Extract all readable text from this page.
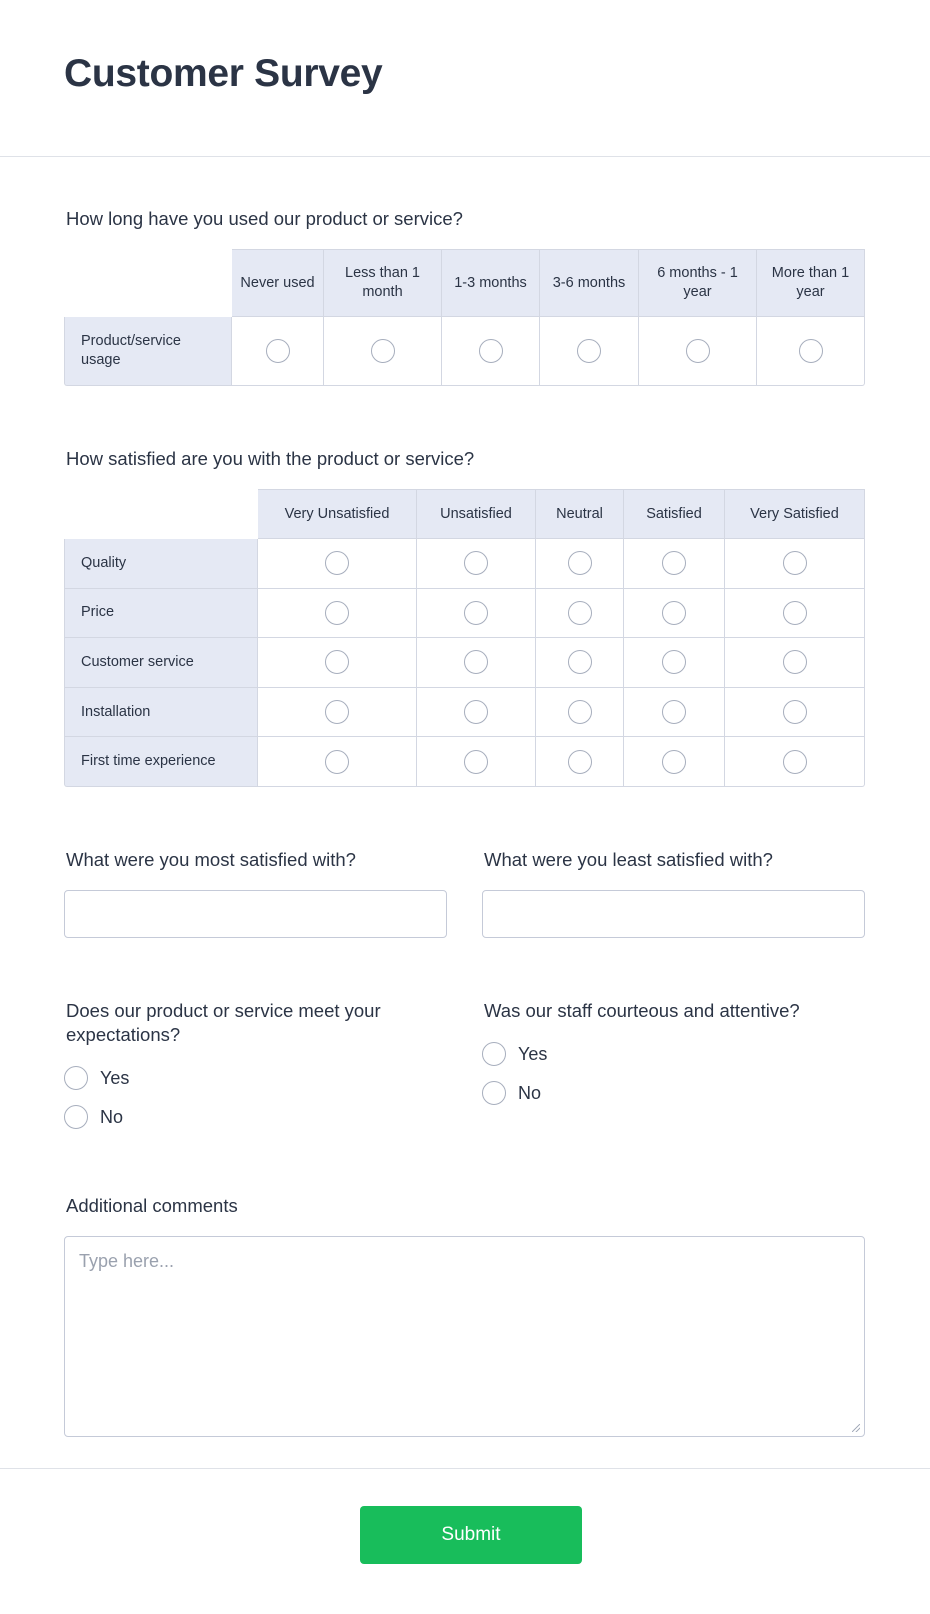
Customer Survey
How long have you used our product or service?
	Never used	Less than 1 month	1-3 months	3-6 months	6 months - 1 year	More than 1 year
Product/service usage						
How satisfied are you with the product or service?
	Very Unsatisfied	Unsatisfied	Neutral	Satisfied	Very Satisfied
Quality					
Price					
Customer service					
Installation					
First time experience					
What were you most satisfied with?	What were you least satisfied with?
Does our product or service meet your expectations?
Yes
No
Was our staff courteous and attentive?
Yes
No
Additional comments
Type here...
Submit
